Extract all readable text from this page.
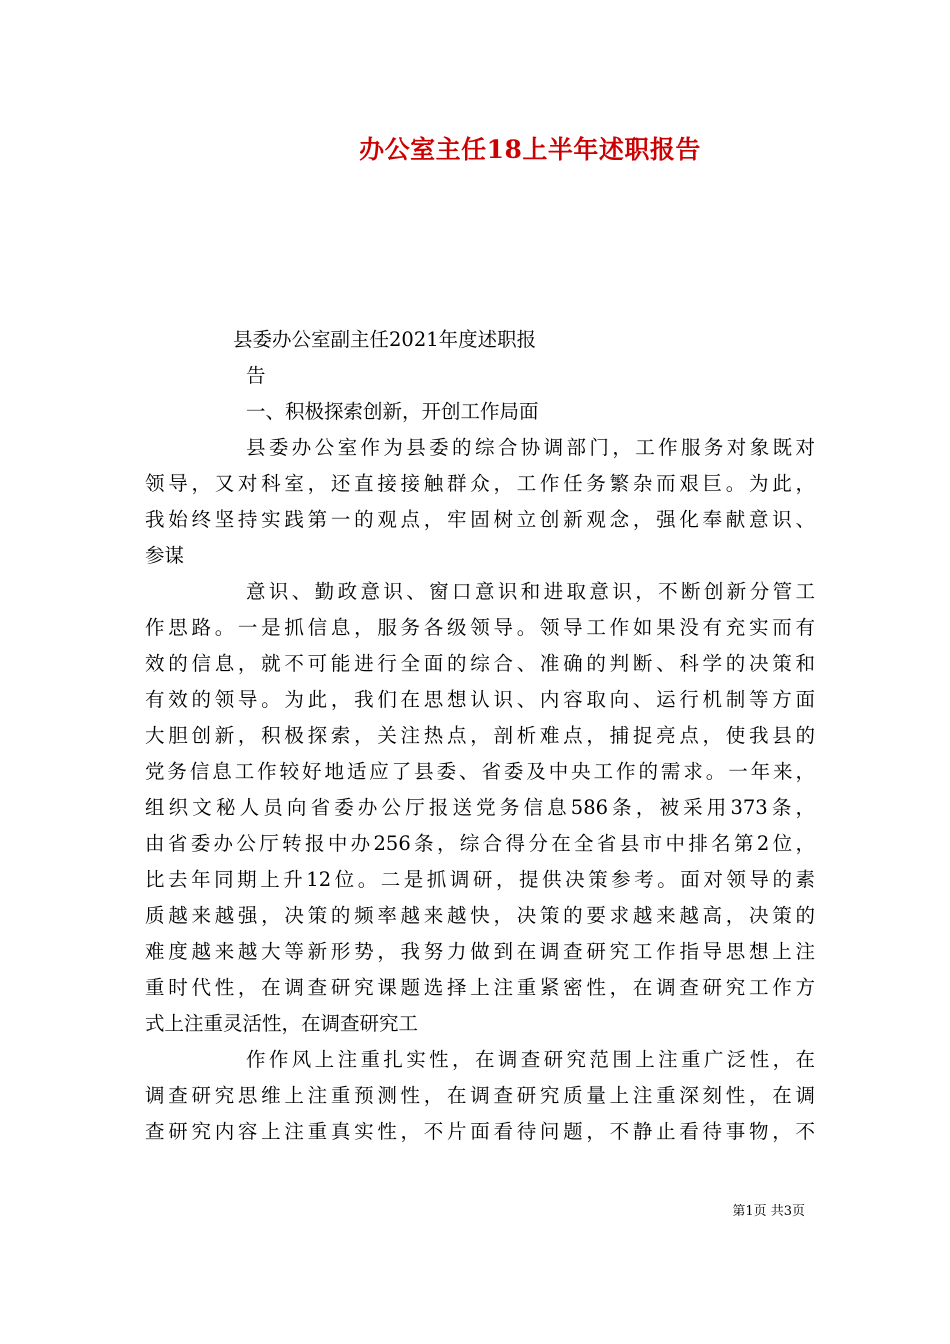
办公室主任18上半年述职报告
县委办公室副主任2021年度述职报
告
一、积极探索创新，开创工作局面
县委办公室作为县委的综合协调部门，工作服务对象既对
领导，又对科室，还直接接触群众，工作任务繁杂而艰巨。为此，
我始终坚持实践第一的观点，牢固树立创新观念，强化奉献意识、
参谋
意识、勤政意识、窗口意识和进取意识，不断创新分管工
作思路。一是抓信息，服务各级领导。领导工作如果没有充实而有
效的信息，就不可能进行全面的综合、准确的判断、科学的决策和
有效的领导。为此，我们在思想认识、内容取向、运行机制等方面
大胆创新，积极探索，关注热点，剖析难点，捕捉亮点，使我县的
党务信息工作较好地适应了县委、省委及中央工作的需求。一年来，
组织文秘人员向省委办公厅报送党务信息586条，被采用373条，
由省委办公厅转报中办256条，综合得分在全省县市中排名第2位，
比去年同期上升12位。二是抓调研，提供决策参考。面对领导的素
质越来越强，决策的频率越来越快，决策的要求越来越高，决策的
难度越来越大等新形势，我努力做到在调查研究工作指导思想上注
重时代性，在调查研究课题选择上注重紧密性，在调查研究工作方
式上注重灵活性，在调查研究工
作作风上注重扎实性，在调查研究范围上注重广泛性，在
调查研究思维上注重预测性，在调查研究质量上注重深刻性，在调
查研究内容上注重真实性，不片面看待问题，不静止看待事物，不
第1页 共3页
